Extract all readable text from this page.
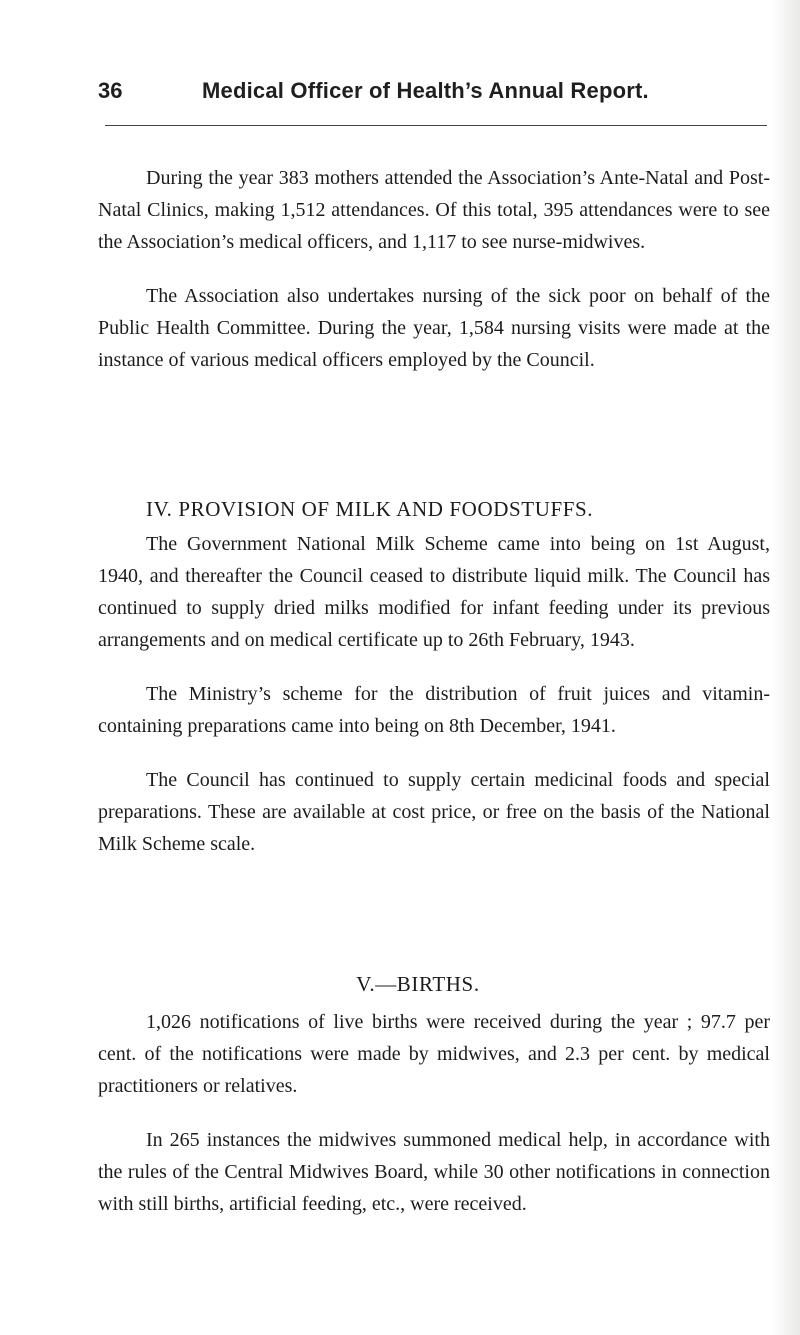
36	Medical Officer of Health’s Annual Report.

During the year 383 mothers attended the Association’s Ante-Natal and Post-Natal Clinics, making 1,512 attendances. Of this total, 395 attendances were to see the Association’s medical officers, and 1,117 to see nurse-midwives.

The Association also undertakes nursing of the sick poor on behalf of the Public Health Committee. During the year, 1,584 nursing visits were made at the instance of various medical officers employed by the Council.

IV. PROVISION OF MILK AND FOODSTUFFS.

The Government National Milk Scheme came into being on 1st August, 1940, and thereafter the Council ceased to distribute liquid milk. The Council has continued to supply dried milks modified for infant feeding under its previous arrangements and on medical certificate up to 26th February, 1943.

The Ministry’s scheme for the distribution of fruit juices and vitamin-containing preparations came into being on 8th December, 1941.

The Council has continued to supply certain medicinal foods and special preparations. These are available at cost price, or free on the basis of the National Milk Scheme scale.

V.—BIRTHS.

1,026 notifications of live births were received during the year ; 97.7 per cent. of the notifications were made by midwives, and 2.3 per cent. by medical practitioners or relatives.

In 265 instances the midwives summoned medical help, in accordance with the rules of the Central Midwives Board, while 30 other notifications in connection with still births, artificial feeding, etc., were received.
